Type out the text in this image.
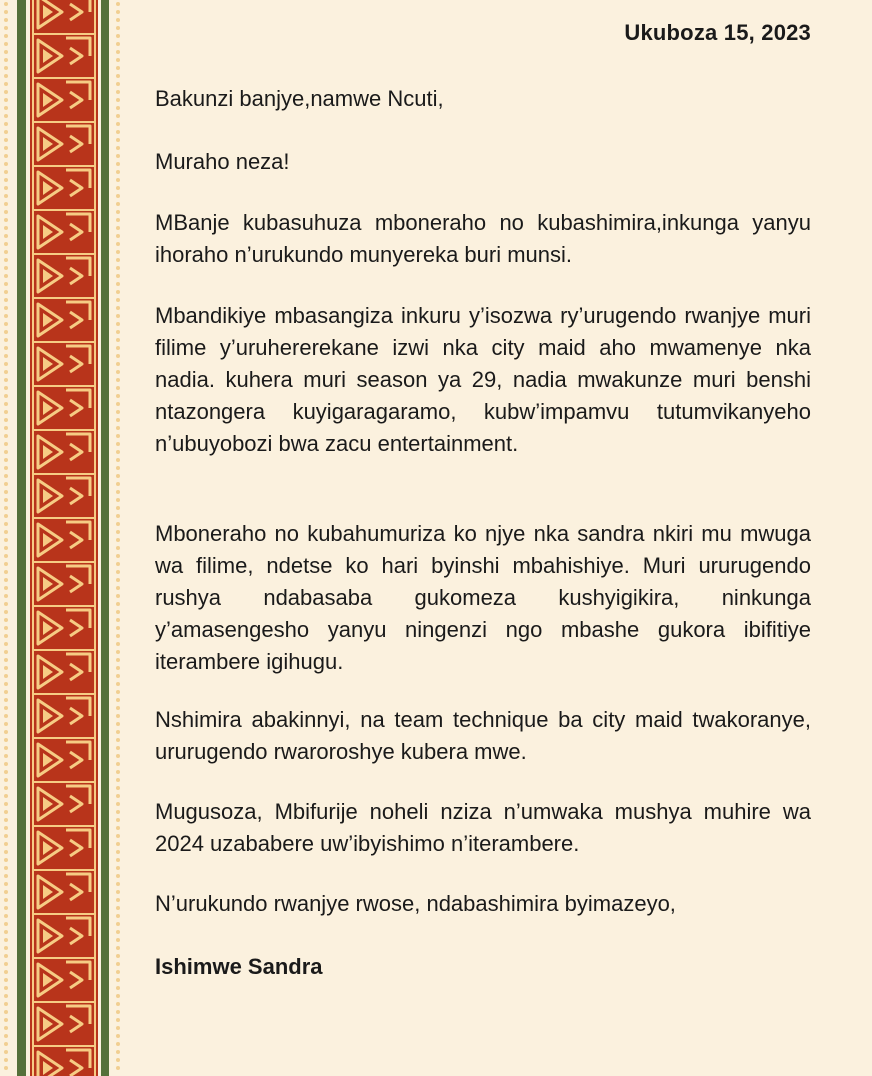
Ukuboza 15, 2023

Bakunzi banjye,namwe Ncuti,

Muraho neza!

MBanje kubasuhuza mboneraho no kubashimira,inkunga yanyu ihoraho n’urukundo munyereka buri munsi.

Mbandikiye mbasangiza inkuru y’isozwa ry’urugendo rwanjye muri filime y’uruhererekane izwi nka city maid aho mwamenye nka nadia. kuhera muri season ya 29, nadia mwakunze muri benshi ntazongera kuyigaragaramo, kubw’impamvu tutumvikanyeho n’ubuyobozi bwa zacu entertainment.

Mboneraho no kubahumuriza ko njye nka sandra nkiri mu mwuga wa filime, ndetse ko hari byinshi mbahishiye. Muri ururugendo rushya ndabasaba gukomeza kushyigikira, ninkunga y’amasengesho yanyu ningenzi ngo mbashe gukora ibifitiye iterambere igihugu.

Nshimira abakinnyi, na team technique ba city maid twakoranye, ururugendo rwaroroshye kubera mwe.

Mugusoza, Mbifurije noheli nziza n’umwaka mushya muhire wa 2024 uzababere uw’ibyishimo n’iterambere.

N’urukundo rwanjye rwose, ndabashimira byimazeyo,

Ishimwe Sandra
